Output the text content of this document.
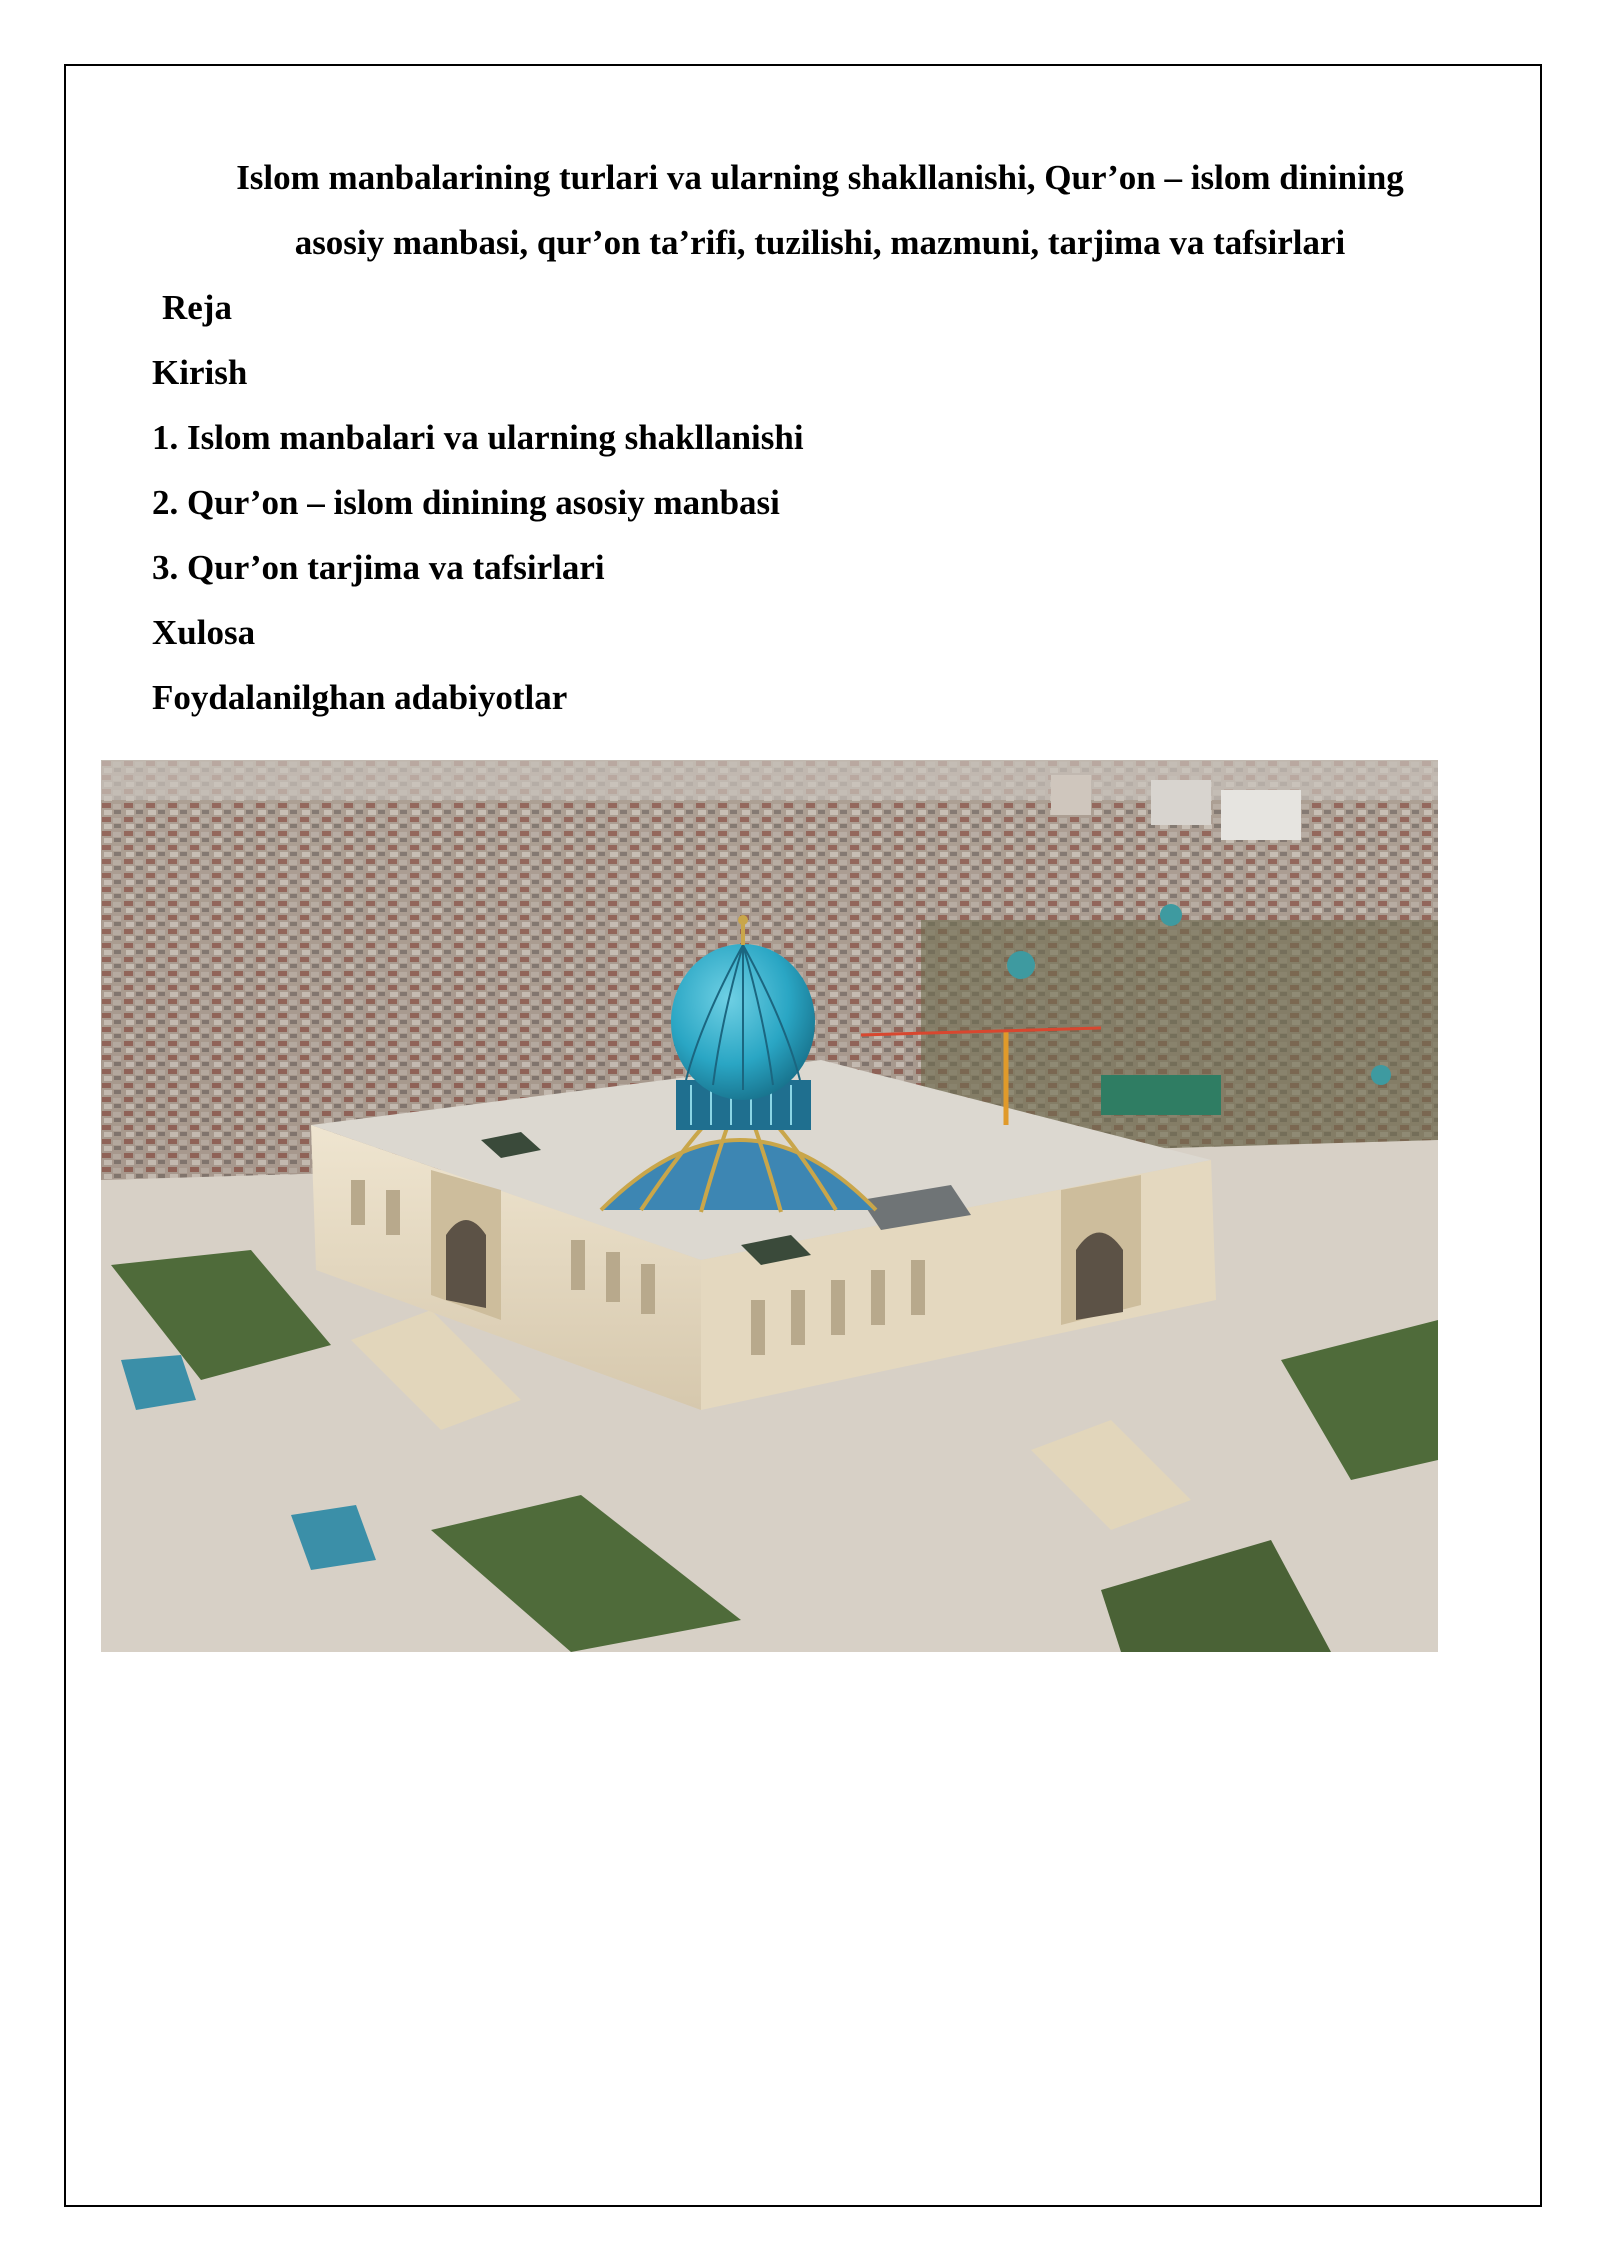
Islom manbalarining turlari va ularning shakllanishi, Qur’on – islom dinining
asosiy manbasi, qur’on ta’rifi, tuzilishi, mazmuni, tarjima va tafsirlari
Reja
Kirish
1. Islom manbalari va ularning shakllanishi
2. Qur’on – islom dinining asosiy manbasi
3. Qur’on tarjima va tafsirlari
Xulosa
Foydalanilghan adabiyotlar
